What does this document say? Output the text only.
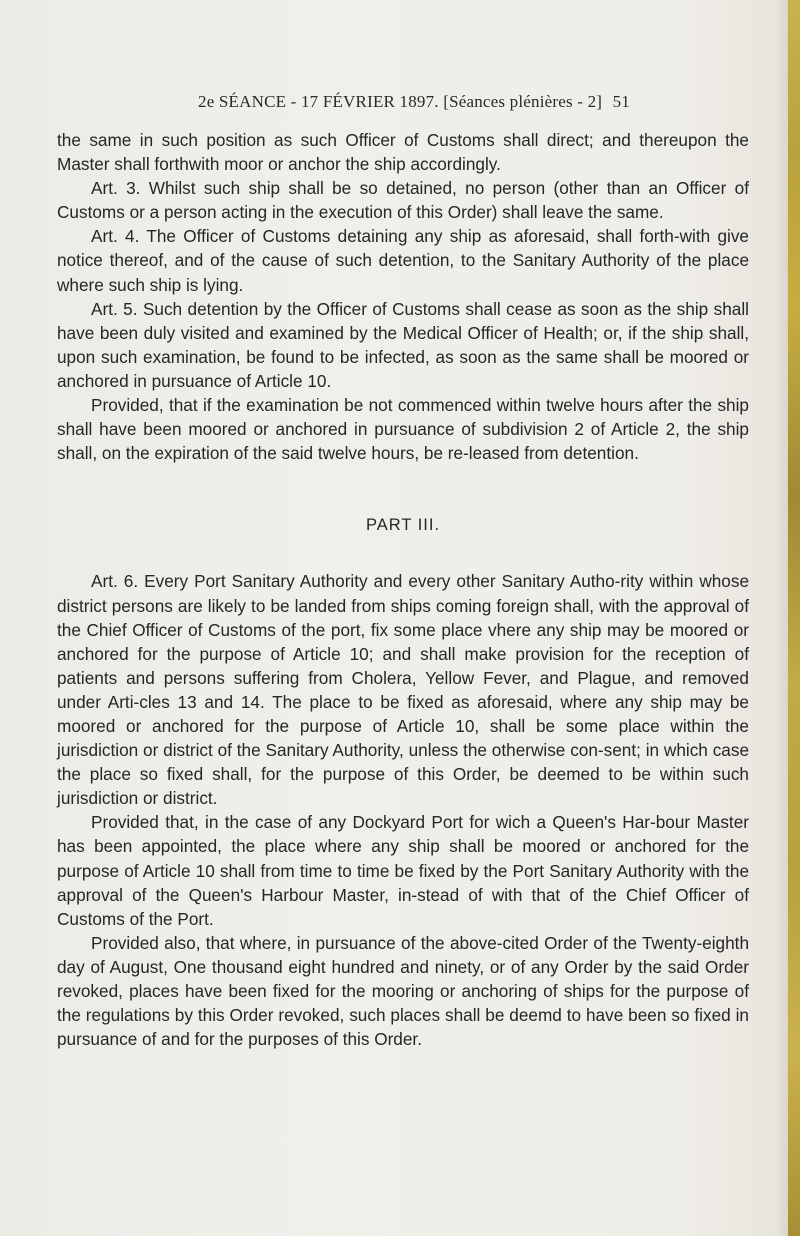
2e SÉANCE - 17 FÉVRIER 1897. [Séances plénières - 2] 51

the same in such position as such Officer of Customs shall direct; and thereupon the Master shall forthwith moor or anchor the ship accordingly.

Art. 3. Whilst such ship shall be so detained, no person (other than an Officer of Customs or a person acting in the execution of this Order) shall leave the same.

Art. 4. The Officer of Customs detaining any ship as aforesaid, shall forth-with give notice thereof, and of the cause of such detention, to the Sanitary Authority of the place where such ship is lying.

Art. 5. Such detention by the Officer of Customs shall cease as soon as the ship shall have been duly visited and examined by the Medical Officer of Health; or, if the ship shall, upon such examination, be found to be infected, as soon as the same shall be moored or anchored in pursuance of Article 10.

Provided, that if the examination be not commenced within twelve hours after the ship shall have been moored or anchored in pursuance of subdivision 2 of Article 2, the ship shall, on the expiration of the said twelve hours, be re-leased from detention.

PART III.

Art. 6. Every Port Sanitary Authority and every other Sanitary Autho-rity within whose district persons are likely to be landed from ships coming foreign shall, with the approval of the Chief Officer of Customs of the port, fix some place vhere any ship may be moored or anchored for the purpose of Article 10; and shall make provision for the reception of patients and persons suffering from Cholera, Yellow Fever, and Plague, and removed under Arti-cles 13 and 14. The place to be fixed as aforesaid, where any ship may be moored or anchored for the purpose of Article 10, shall be some place within the jurisdiction or district of the Sanitary Authority, unless the otherwise con-sent; in which case the place so fixed shall, for the purpose of this Order, be deemed to be within such jurisdiction or district.

Provided that, in the case of any Dockyard Port for wich a Queen's Har-bour Master has been appointed, the place where any ship shall be moored or anchored for the purpose of Article 10 shall from time to time be fixed by the Port Sanitary Authority with the approval of the Queen's Harbour Master, in-stead of with that of the Chief Officer of Customs of the Port.

Provided also, that where, in pursuance of the above-cited Order of the Twenty-eighth day of August, One thousand eight hundred and ninety, or of any Order by the said Order revoked, places have been fixed for the mooring or anchoring of ships for the purpose of the regulations by this Order revoked, such places shall be deemd to have been so fixed in pursuance of and for the purposes of this Order.
